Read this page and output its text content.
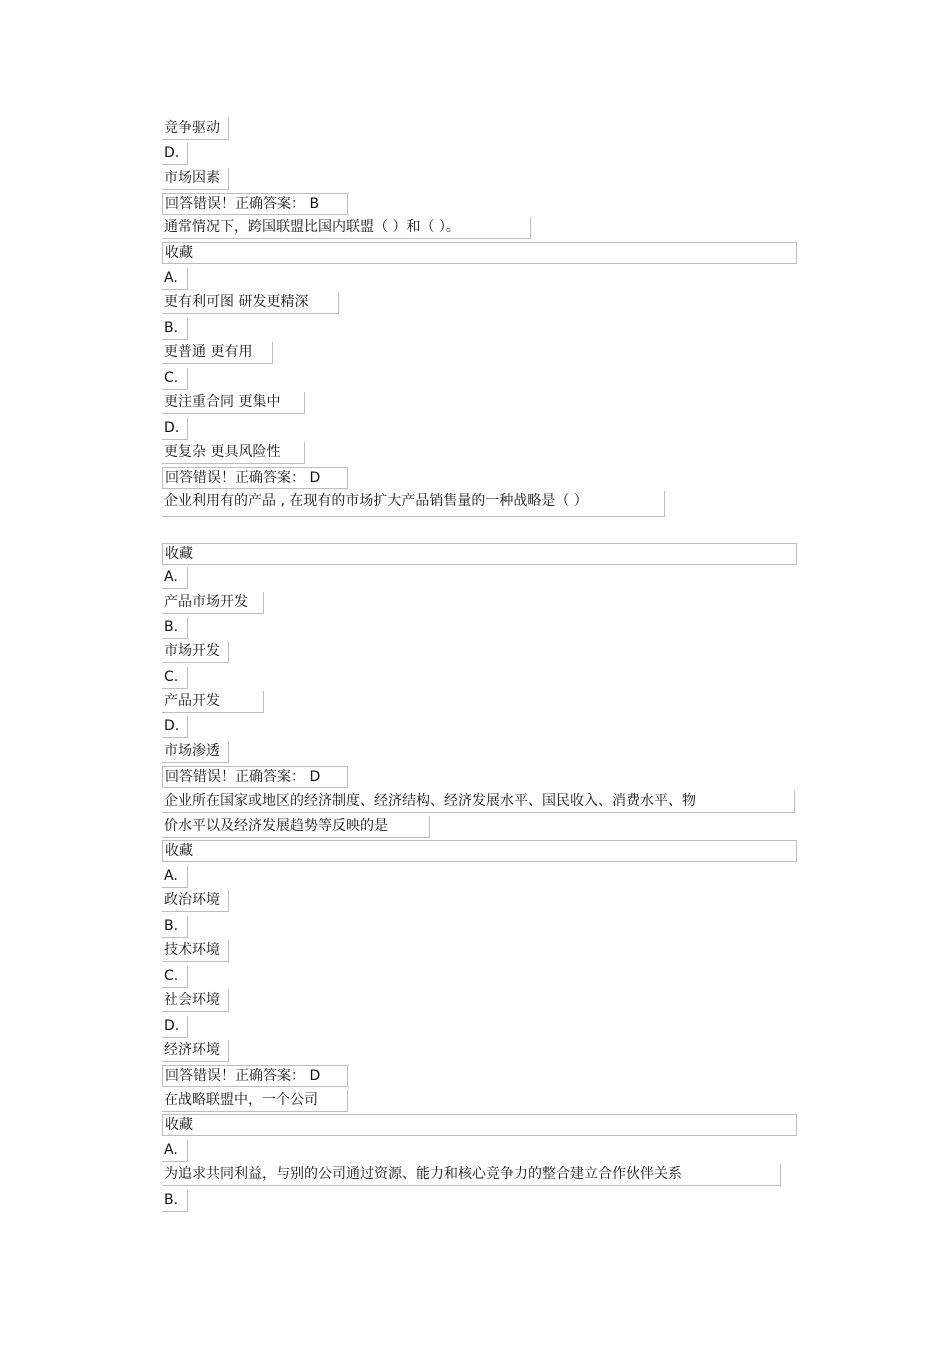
竞争驱动
D.
市场因素
回答错误！正确答案： B
通常情况下，跨国联盟比国内联盟（ ）和（ ）。
收藏
A.
更有利可图 研发更精深
B.
更普通 更有用
C.
更注重合同 更集中
D.
更复杂 更具风险性
回答错误！正确答案： D
企业利用有的产品 , 在现有的市场扩大产品销售量的一种战略是（ ）
收藏
A.
产品市场开发
B.
市场开发
C.
产品开发
D.
市场渗透
回答错误！正确答案： D
企业所在国家或地区的经济制度、经济结构、经济发展水平、国民收入、消费水平、物
价水平以及经济发展趋势等反映的是
收藏
A.
政治环境
B.
技术环境
C.
社会环境
D.
经济环境
回答错误！正确答案： D
在战略联盟中，一个公司
收藏
A.
为追求共同利益，与别的公司通过资源、能力和核心竞争力的整合建立合作伙伴关系
B.
